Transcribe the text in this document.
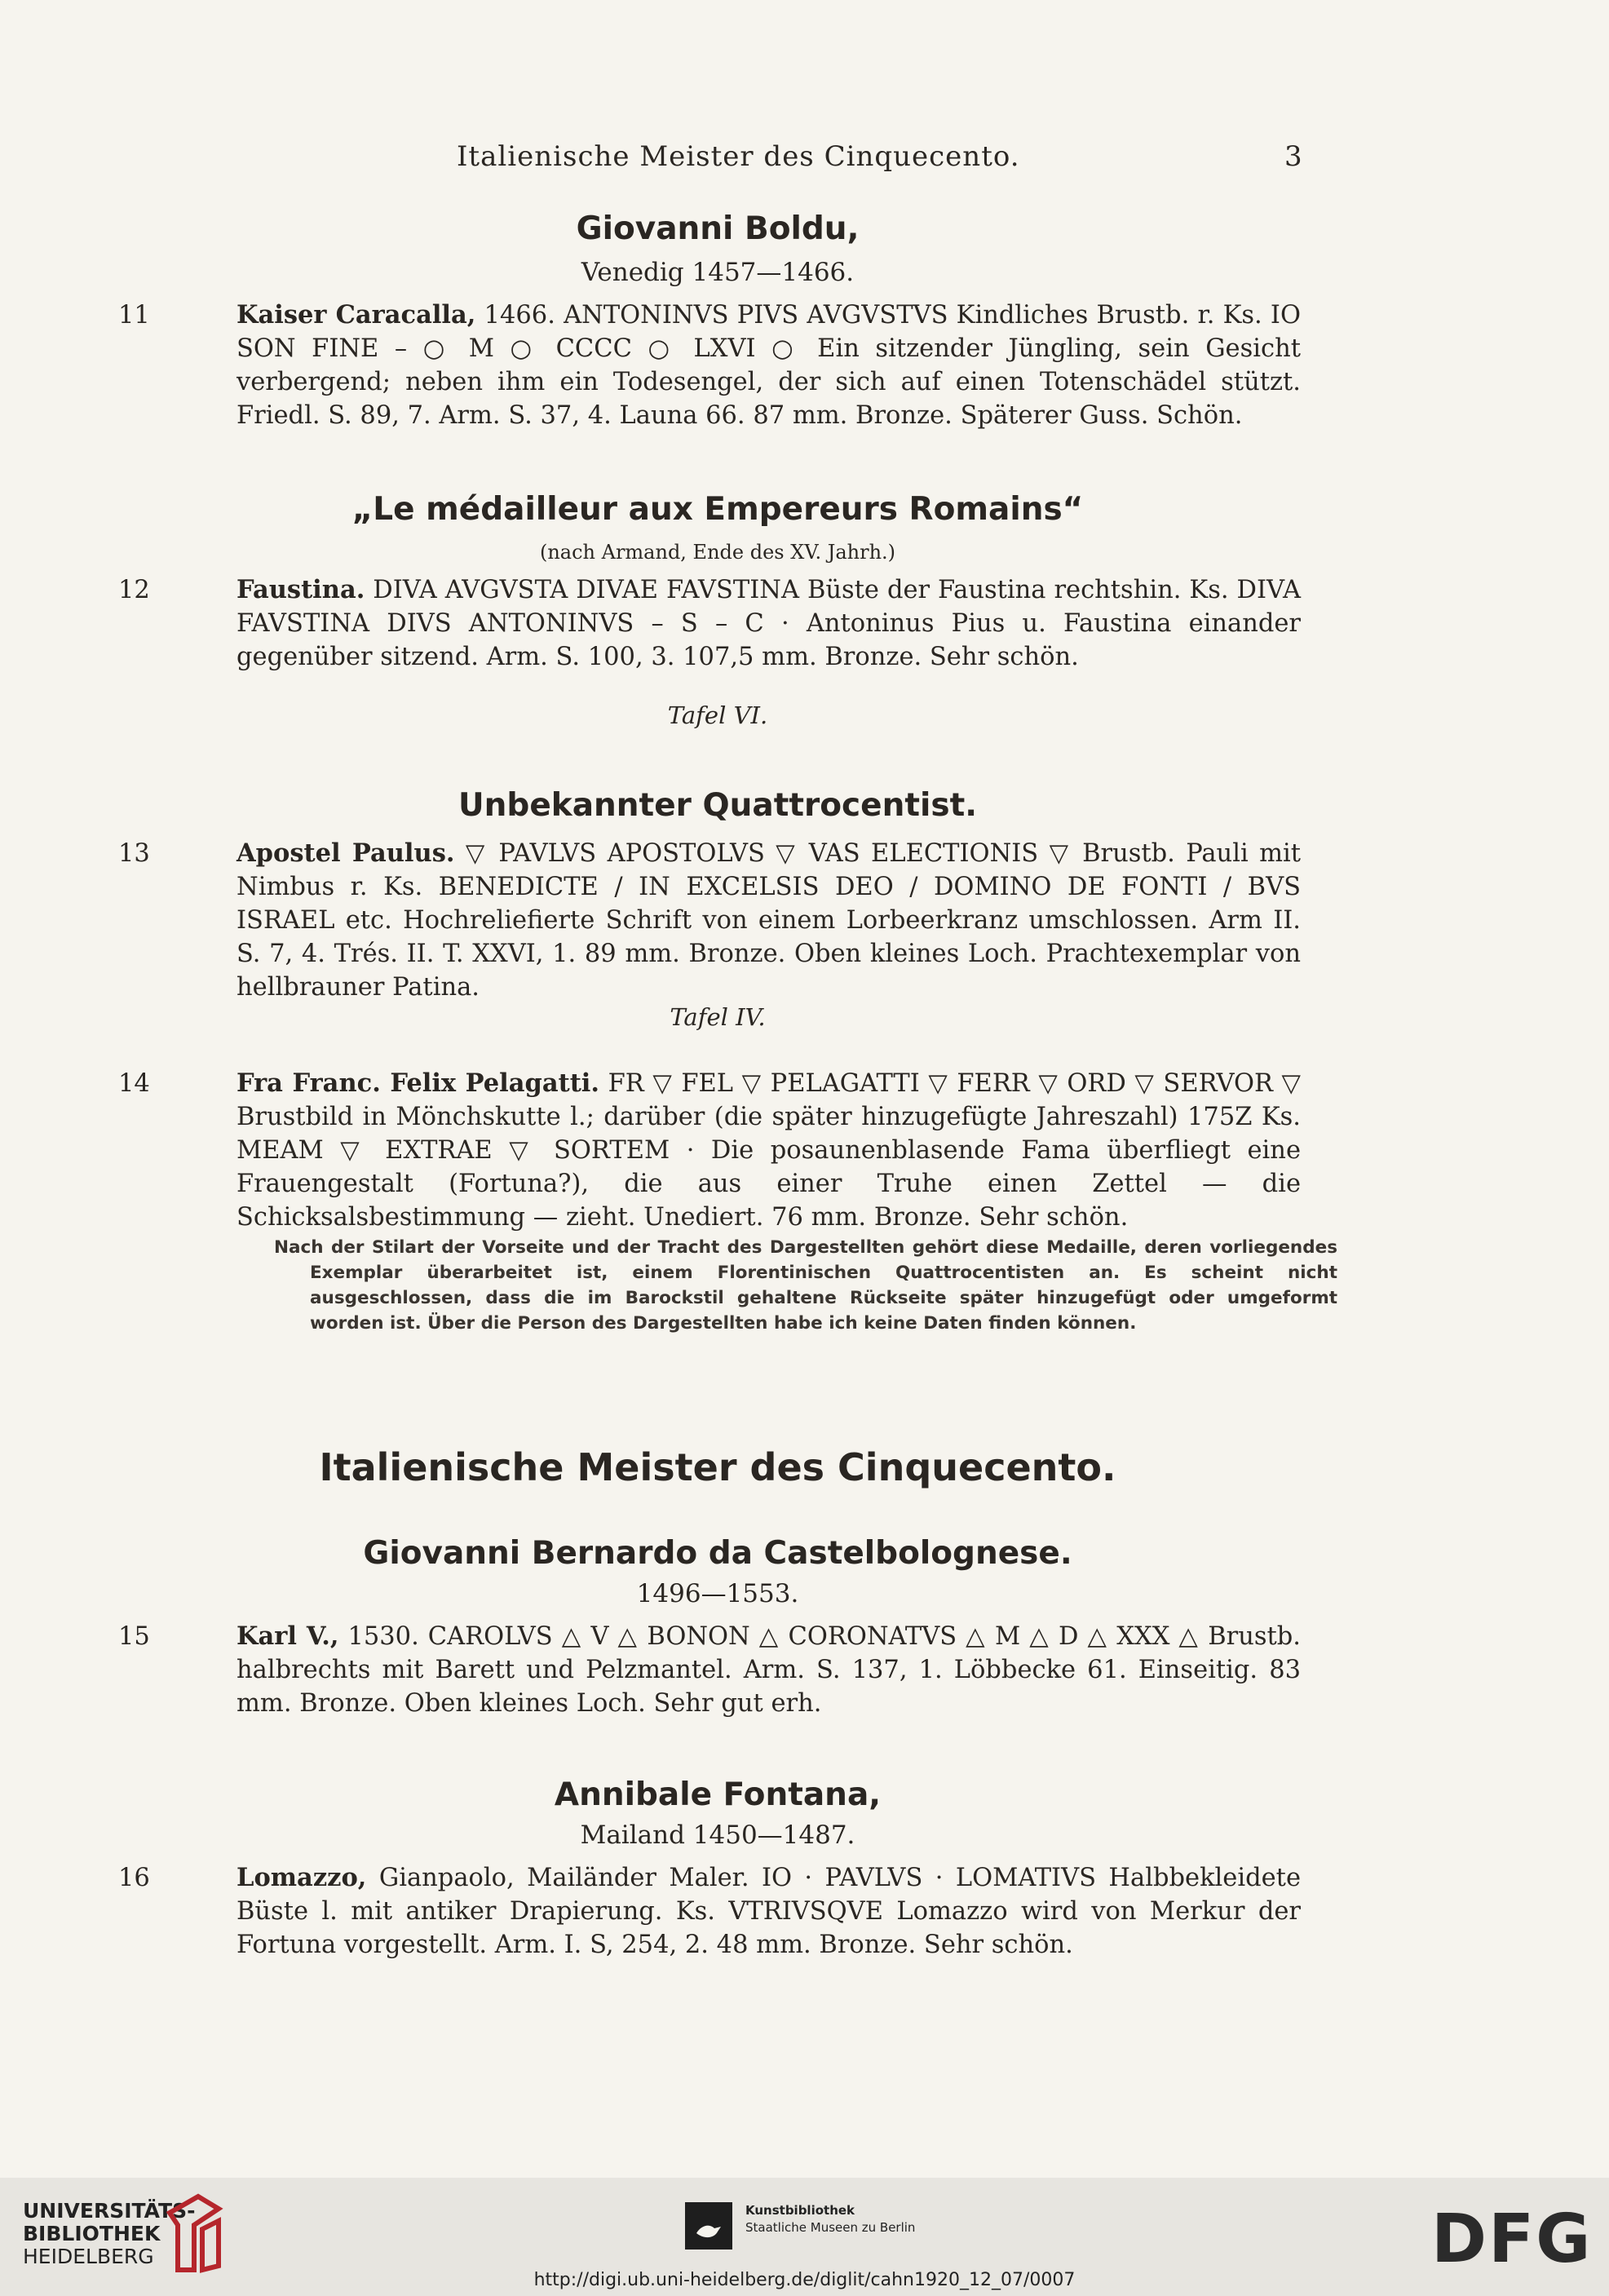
Italienische Meister des Cinquecento.	3
Giovanni Boldu,
Venedig 1457—1466.
11	Kaiser Caracalla, 1466. ANTONINVS PIVS AVGVSTVS Kindliches Brustb. r. Ks. IO SON FINE – ○ M ○ CCCC ○ LXVI ○ Ein sitzender Jüngling, sein Gesicht verbergend; neben ihm ein Todesengel, der sich auf einen Totenschädel stützt. Friedl. S. 89, 7. Arm. S. 37, 4. Launa 66. 87 mm. Bronze. Späterer Guss. Schön.
„Le médailleur aux Empereurs Romains“
(nach Armand, Ende des XV. Jahrh.)
12	Faustina. DIVA AVGVSTA DIVAE FAVSTINA Büste der Faustina rechtshin. Ks. DIVA FAVSTINA DIVS ANTONINVS – S – C · Antoninus Pius u. Faustina einander gegenüber sitzend. Arm. S. 100, 3. 107,5 mm. Bronze. Sehr schön.
Tafel VI.
Unbekannter Quattrocentist.
13	Apostel Paulus. ▽ PAVLVS APOSTOLVS ▽ VAS ELECTIONIS ▽ Brustb. Pauli mit Nimbus r. Ks. BENEDICTE / IN EXCELSIS DEO / DOMINO DE FONTI / BVS ISRAEL etc. Hochreliefierte Schrift von einem Lorbeerkranz umschlossen. Arm II. S. 7, 4. Trés. II. T. XXVI, 1. 89 mm. Bronze. Oben kleines Loch. Prachtexemplar von hellbrauner Patina.
Tafel IV.
14	Fra Franc. Felix Pelagatti. FR ▽ FEL ▽ PELAGATTI ▽ FERR ▽ ORD ▽ SERVOR ▽ Brustbild in Mönchskutte l.; darüber (die später hinzugefügte Jahreszahl) 175Z Ks. MEAM ▽ EXTRAE ▽ SORTEM · Die posaunenblasende Fama überfliegt eine Frauengestalt (Fortuna?), die aus einer Truhe einen Zettel — die Schicksalsbestimmung — zieht. Unediert. 76 mm. Bronze. Sehr schön.
Nach der Stilart der Vorseite und der Tracht des Dargestellten gehört diese Medaille, deren vorliegendes Exemplar überarbeitet ist, einem Florentinischen Quattrocentisten an. Es scheint nicht ausgeschlossen, dass die im Barockstil gehaltene Rückseite später hinzugefügt oder umgeformt worden ist. Über die Person des Dargestellten habe ich keine Daten finden können.
Italienische Meister des Cinquecento.
Giovanni Bernardo da Castelbolognese.
1496—1553.
15	Karl V., 1530. CAROLVS △ V △ BONON △ CORONATVS △ M △ D △ XXX △ Brustb. halbrechts mit Barett und Pelzmantel. Arm. S. 137, 1. Löbbecke 61. Einseitig. 83 mm. Bronze. Oben kleines Loch. Sehr gut erh.
Annibale Fontana,
Mailand 1450—1487.
16	Lomazzo, Gianpaolo, Mailänder Maler. IO · PAVLVS · LOMATIVS Halbbekleidete Büste l. mit antiker Drapierung. Ks. VTRIVSQVE Lomazzo wird von Merkur der Fortuna vorgestellt. Arm. I. S, 254, 2. 48 mm. Bronze. Sehr schön.
UNIVERSITÄTS-
BIBLIOTHEK
HEIDELBERG
Kunstbibliothek
Staatliche Museen zu Berlin	DFG
http://digi.ub.uni-heidelberg.de/diglit/cahn1920_12_07/0007
